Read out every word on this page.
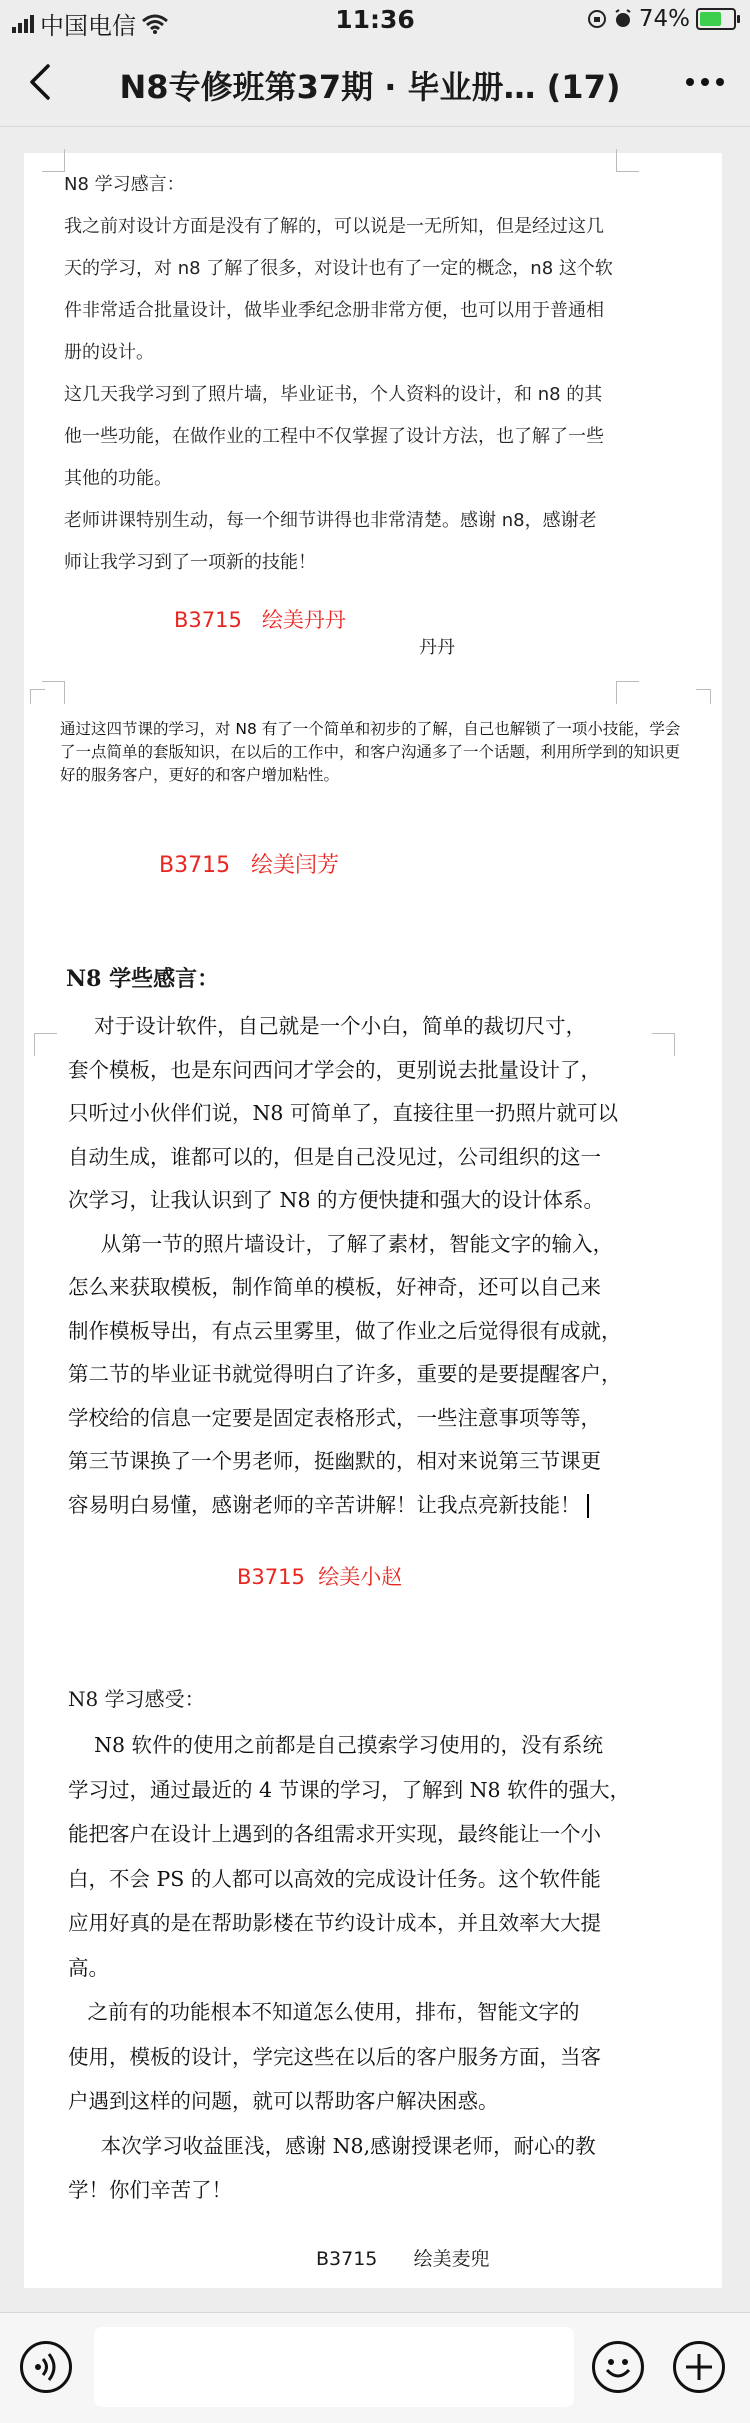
中国电信	11:36	74%
N8专修班第37期 · 毕业册… (17)

N8 学习感言：

我之前对设计方面是没有了解的，可以说是一无所知，但是经过这几
天的学习，对 n8 了解了很多，对设计也有了一定的概念，n8 这个软
件非常适合批量设计，做毕业季纪念册非常方便，也可以用于普通相
册的设计。
这几天我学习到了照片墙，毕业证书，个人资料的设计，和 n8 的其
他一些功能，在做作业的工程中不仅掌握了设计方法，也了解了一些
其他的功能。
老师讲课特别生动，每一个细节讲得也非常清楚。感谢 n8，感谢老
师让我学习到了一项新的技能！

B3715   绘美丹丹

丹丹

通过这四节课的学习，对 N8 有了一个简单和初步的了解，自己也解锁了一项小技能，学会
了一点简单的套版知识，在以后的工作中，和客户沟通多了一个话题，利用所学到的知识更
好的服务客户，更好的和客户增加粘性。

B3715   绘美闫芳

N8 学些感言：

对于设计软件，自己就是一个小白，简单的裁切尺寸，
套个模板，也是东问西问才学会的，更别说去批量设计了，
只听过小伙伴们说，N8 可简单了，直接往里一扔照片就可以
自动生成，谁都可以的，但是自己没见过，公司组织的这一
次学习，让我认识到了 N8 的方便快捷和强大的设计体系。
从第一节的照片墙设计，了解了素材，智能文字的输入，
怎么来获取模板，制作简单的模板，好神奇，还可以自己来
制作模板导出，有点云里雾里，做了作业之后觉得很有成就，
第二节的毕业证书就觉得明白了许多，重要的是要提醒客户，
学校给的信息一定要是固定表格形式，一些注意事项等等，
第三节课换了一个男老师，挺幽默的，相对来说第三节课更
容易明白易懂，感谢老师的辛苦讲解！让我点亮新技能！

B3715  绘美小赵

N8 学习感受：

N8 软件的使用之前都是自己摸索学习使用的，没有系统
学习过，通过最近的 4 节课的学习，了解到 N8 软件的强大，
能把客户在设计上遇到的各组需求开实现，最终能让一个小
白，不会 PS 的人都可以高效的完成设计任务。这个软件能
应用好真的是在帮助影楼在节约设计成本，并且效率大大提
高。
之前有的功能根本不知道怎么使用，排布，智能文字的
使用，模板的设计，学完这些在以后的客户服务方面，当客
户遇到这样的问题，就可以帮助客户解决困惑。
本次学习收益匪浅，感谢 N8,感谢授课老师，耐心的教
学！你们辛苦了！

B3715      绘美麦兜
